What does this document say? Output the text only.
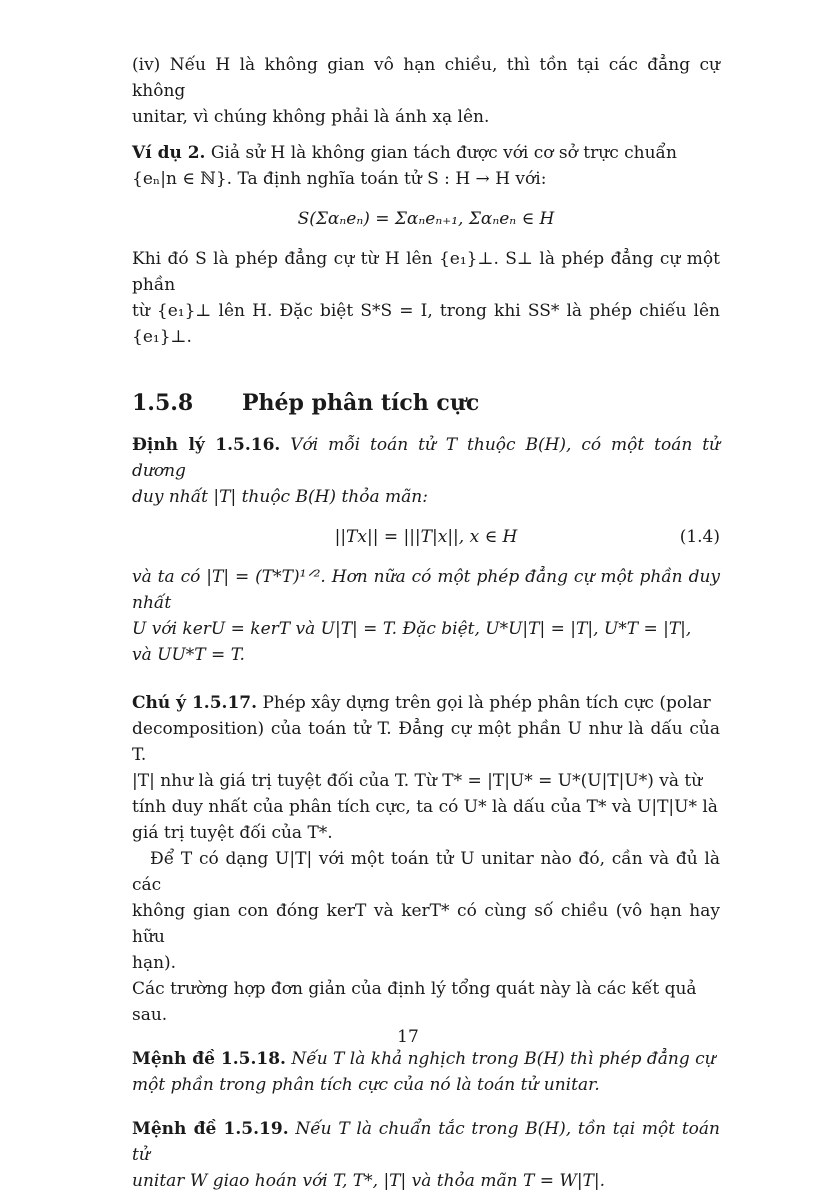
(iv) Nếu H là không gian vô hạn chiều, thì tồn tại các đẳng cự không

unitar, vì chúng không phải là ánh xạ lên.

Ví dụ 2. Giả sử H là không gian tách được với cơ sở trực chuẩn

{eₙ|n ∈ ℕ}. Ta định nghĩa toán tử S : H → H với:

S(Σαₙeₙ) = Σαₙeₙ₊₁, Σαₙeₙ ∈ H

Khi đó S là phép đẳng cự từ H lên {e₁}⊥. S⊥ là phép đẳng cự một phần

từ {e₁}⊥ lên H. Đặc biệt S*S = I, trong khi SS* là phép chiếu lên {e₁}⊥.

1.5.8 Phép phân tích cực

Định lý 1.5.16. Với mỗi toán tử T thuộc B(H), có một toán tử dương

duy nhất |T| thuộc B(H) thỏa mãn:

||Tx|| = |||T|x||, x ∈ H	(1.4)

và ta có |T| = (T*T)¹ᐟ². Hơn nữa có một phép đẳng cự một phần duy nhất

U với kerU = kerT và U|T| = T. Đặc biệt, U*U|T| = |T|, U*T = |T|,

và UU*T = T.

Chú ý 1.5.17. Phép xây dựng trên gọi là phép phân tích cực (polar

decomposition) của toán tử T. Đẳng cự một phần U như là dấu của T.

|T| như là giá trị tuyệt đối của T. Từ T* = |T|U* = U*(U|T|U*) và từ

tính duy nhất của phân tích cực, ta có U* là dấu của T* và U|T|U* là

giá trị tuyệt đối của T*.

Để T có dạng U|T| với một toán tử U unitar nào đó, cần và đủ là các

không gian con đóng kerT và kerT* có cùng số chiều (vô hạn hay hữu

hạn).

Các trường hợp đơn giản của định lý tổng quát này là các kết quả sau.

Mệnh đề 1.5.18. Nếu T là khả nghịch trong B(H) thì phép đẳng cự

một phần trong phân tích cực của nó là toán tử unitar.

Mệnh đề 1.5.19. Nếu T là chuẩn tắc trong B(H), tồn tại một toán tử

unitar W giao hoán với T, T*, |T| và thỏa mãn T = W|T|.

17
